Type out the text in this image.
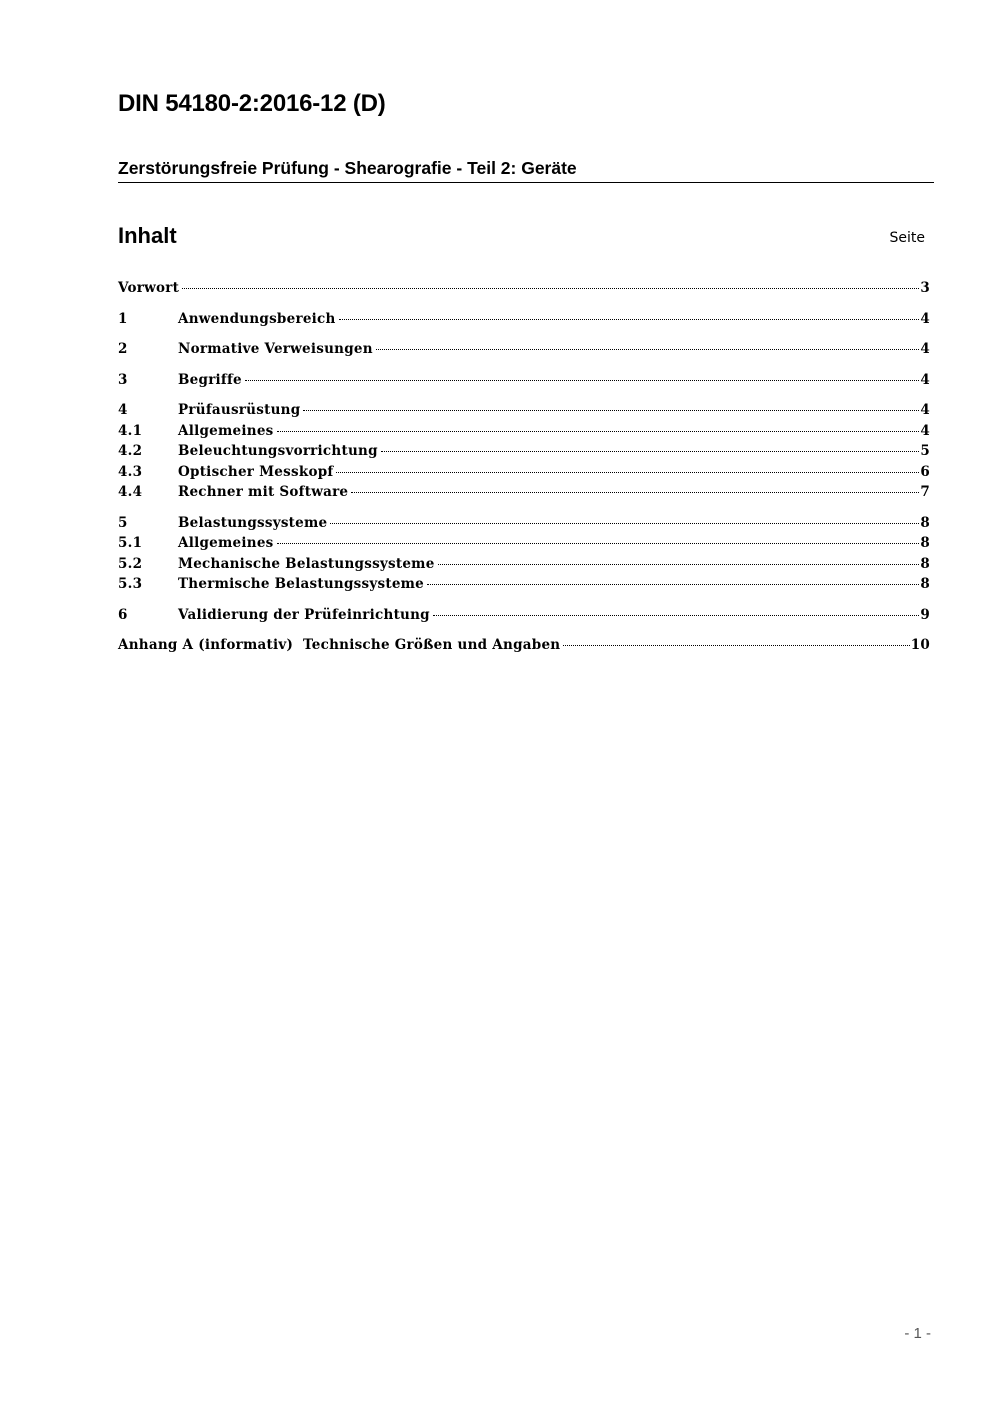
DIN 54180-2:2016-12 (D)
Zerstörungsfreie Prüfung - Shearografie - Teil 2: Geräte
Inhalt	Seite
Vorwort	3
1	Anwendungsbereich	4
2	Normative Verweisungen	4
3	Begriffe	4
4	Prüfausrüstung	4
4.1	Allgemeines	4
4.2	Beleuchtungsvorrichtung	5
4.3	Optischer Messkopf	6
4.4	Rechner mit Software	7
5	Belastungssysteme	8
5.1	Allgemeines	8
5.2	Mechanische Belastungssysteme	8
5.3	Thermische Belastungssysteme	8
6	Validierung der Prüfeinrichtung	9
Anhang A (informativ)  Technische Größen und Angaben	10
- 1 -
